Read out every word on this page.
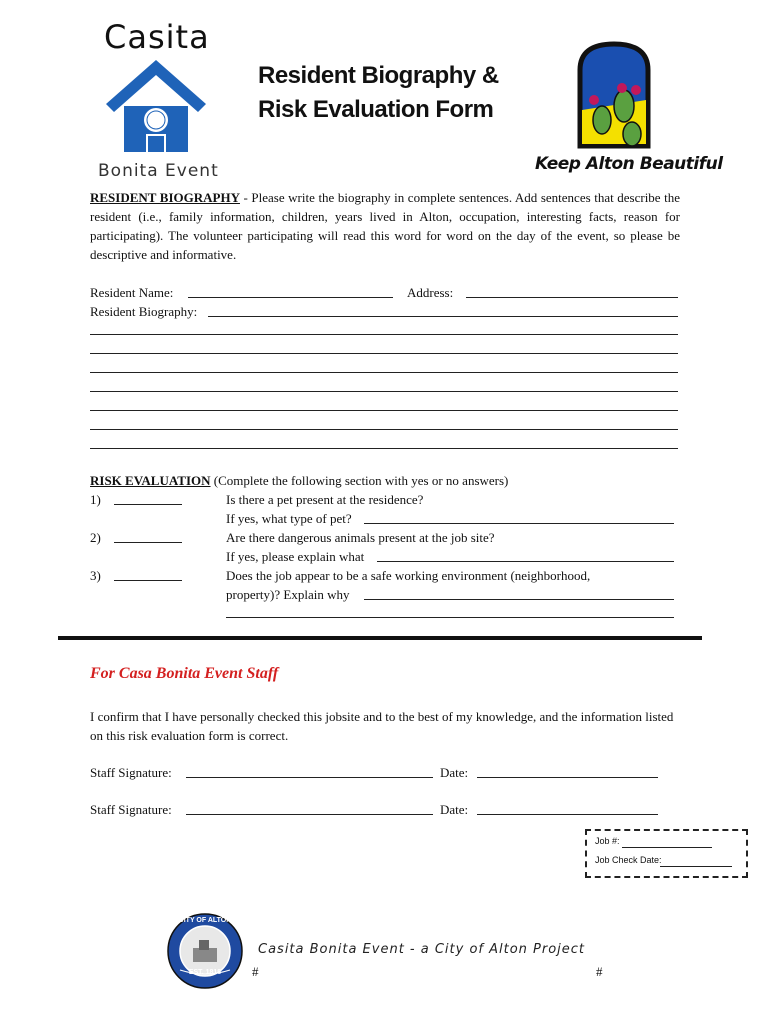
Casita
Bonita Event
Resident Biography &
Risk Evaluation Form
Keep Alton Beautiful
RESIDENT BIOGRAPHY - Please write the biography in complete sentences. Add sentences that describe the resident (i.e., family information, children, years lived in Alton, occupation, interesting facts, reason for participating). The volunteer participating will read this word for word on the day of the event, so please be descriptive and informative.
Resident Name:	Address:
Resident Biography:
RISK EVALUATION (Complete the following section with yes or no answers)
1)	Is there a pet present at the residence?
If yes, what type of pet?
2)	Are there dangerous animals present at the job site?
If yes, please explain what
3)	Does the job appear to be a safe working environment (neighborhood,
property)? Explain why
For Casa Bonita Event Staff
I confirm that I have personally checked this jobsite and to the best of my knowledge, and the information listed on this risk evaluation form is correct.
Staff Signature:	Date:
Staff Signature:	Date:
Job #:
Job Check Date:
CITY OF ALTON
EST. 1818
Casita Bonita Event - a City of Alton Project
#	#
